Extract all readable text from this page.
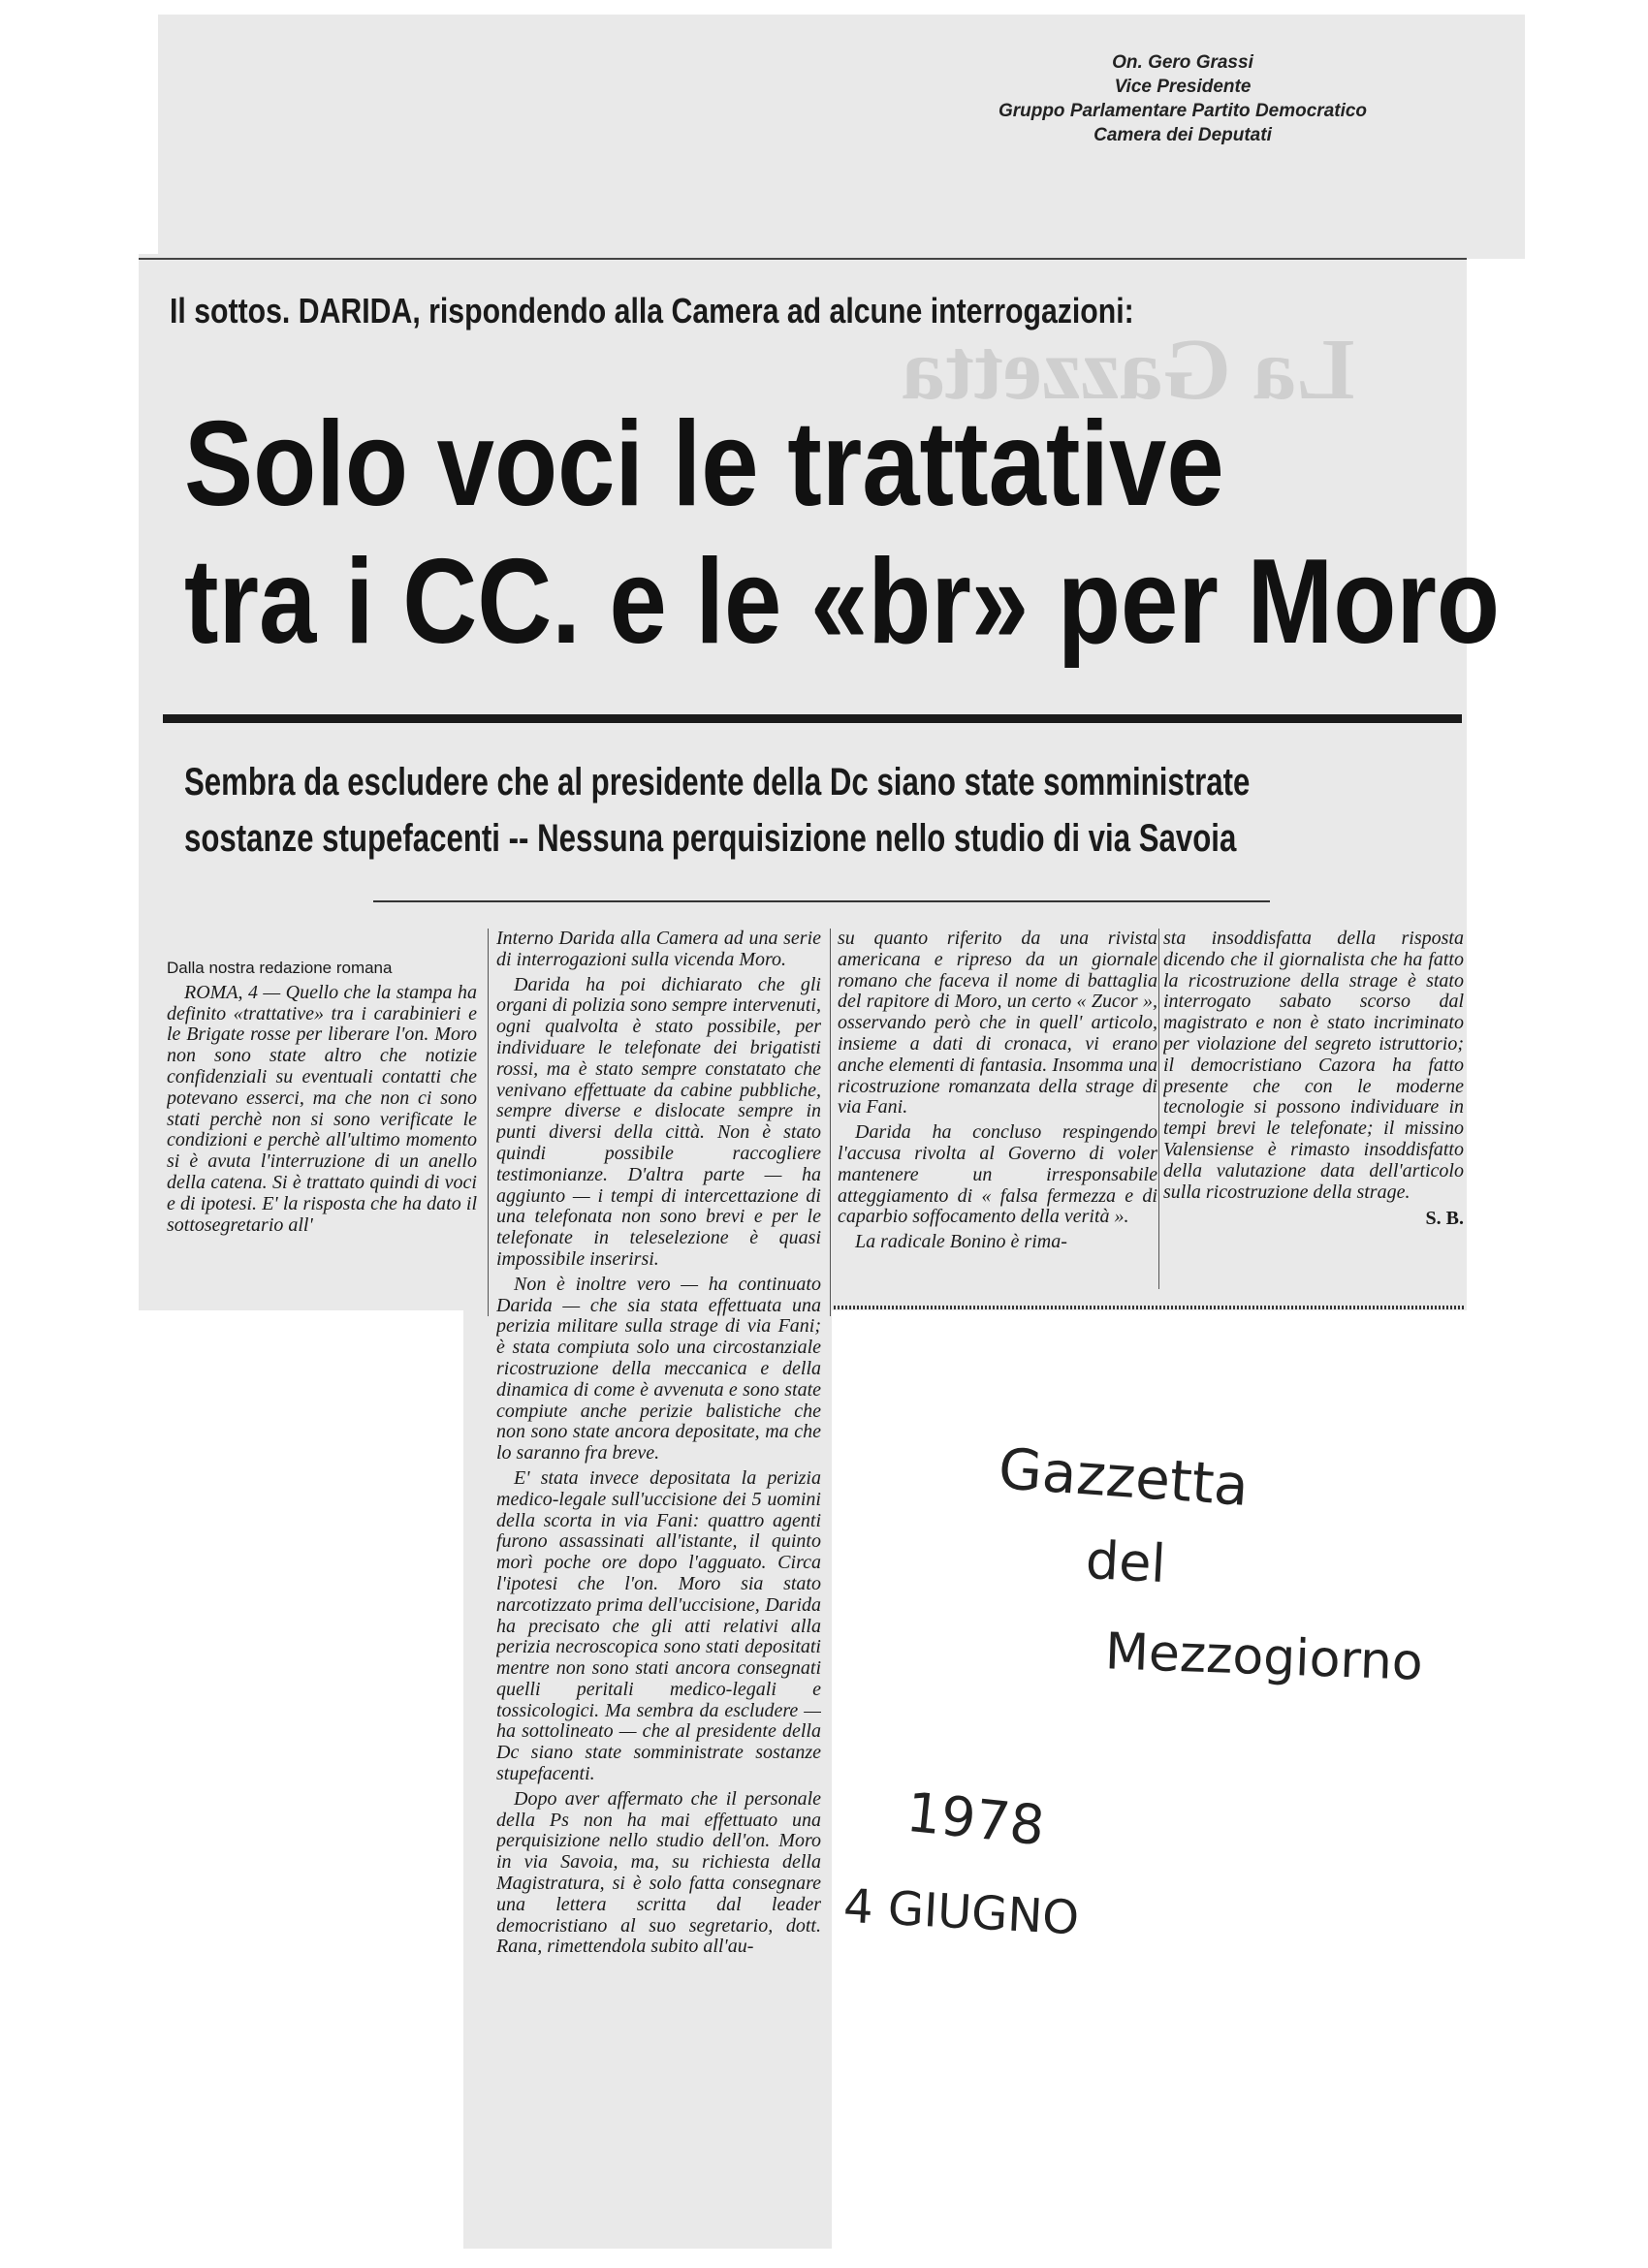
On. Gero Grassi
Vice Presidente
Gruppo Parlamentare Partito Democratico
Camera dei Deputati
La Gazzetta
Il sottos. DARIDA, rispondendo alla Camera ad alcune interrogazioni:
Solo voci le trattative
tra i CC. e le «br» per Moro
Sembra da escludere che al presidente della Dc siano state somministrate
sostanze stupefacenti -- Nessuna perquisizione nello studio di via Savoia
Dalla nostra redazione romana

ROMA, 4 — Quello che la stampa ha definito «trattative» tra i carabinieri e le Brigate rosse per liberare l'on. Moro non sono state altro che notizie confidenziali su eventuali contatti che potevano esserci, ma che non ci sono stati perchè non si sono verificate le condizioni e perchè all'ultimo momento si è avuta l'interruzione di un anello della catena. Si è trattato quindi di voci e di ipotesi. E' la risposta che ha dato il sottosegretario all'

Interno Darida alla Camera ad una serie di interrogazioni sulla vicenda Moro.

Darida ha poi dichiarato che gli organi di polizia sono sempre intervenuti, ogni qualvolta è stato possibile, per individuare le telefonate dei brigatisti rossi, ma è stato sempre constatato che venivano effettuate da cabine pubbliche, sempre diverse e dislocate sempre in punti diversi della città. Non è stato quindi possibile raccogliere testimonianze. D'altra parte — ha aggiunto — i tempi di intercettazione di una telefonata non sono brevi e per le telefonate in teleselezione è quasi impossibile inserirsi.

Non è inoltre vero — ha continuato Darida — che sia stata effettuata una perizia militare sulla strage di via Fani; è stata compiuta solo una circostanziale ricostruzione della meccanica e della dinamica di come è avvenuta e sono state compiute anche perizie balistiche che non sono state ancora depositate, ma che lo saranno fra breve.

E' stata invece depositata la perizia medico-legale sull'uccisione dei 5 uomini della scorta in via Fani: quattro agenti furono assassinati all'istante, il quinto morì poche ore dopo l'agguato. Circa l'ipotesi che l'on. Moro sia stato narcotizzato prima dell'uccisione, Darida ha precisato che gli atti relativi alla perizia necroscopica sono stati depositati mentre non sono stati ancora consegnati quelli peritali medico-legali e tossicologici. Ma sembra da escludere — ha sottolineato — che al presidente della Dc siano state somministrate sostanze stupefacenti.

Dopo aver affermato che il personale della Ps non ha mai effettuato una perquisizione nello studio dell'on. Moro in via Savoia, ma, su richiesta della Magistratura, si è solo fatta consegnare una lettera scritta dal leader democristiano al suo segretario, dott. Rana, rimettendola subito all'au-

su quanto riferito da una rivista americana e ripreso da un giornale romano che faceva il nome di battaglia del rapitore di Moro, un certo « Zucor », osservando però che in quell' articolo, insieme a dati di cronaca, vi erano anche elementi di fantasia. Insomma una ricostruzione romanzata della strage di via Fani.

Darida ha concluso respingendo l'accusa rivolta al Governo di voler mantenere un irresponsabile atteggiamento di « falsa fermezza e di caparbio soffocamento della verità ».

La radicale Bonino è rima-

sta insoddisfatta della risposta dicendo che il giornalista che ha fatto la ricostruzione della strage è stato interrogato sabato scorso dal magistrato e non è stato incriminato per violazione del segreto istruttorio; il democristiano Cazora ha fatto presente che con le moderne tecnologie si possono individuare in tempi brevi le telefonate; il missino Valensiense è rimasto insoddisfatto della valutazione data dell'articolo sulla ricostruzione della strage.

S. B.
Gazzetta
del
Mezzogiorno
1978
4 GIUGNO
